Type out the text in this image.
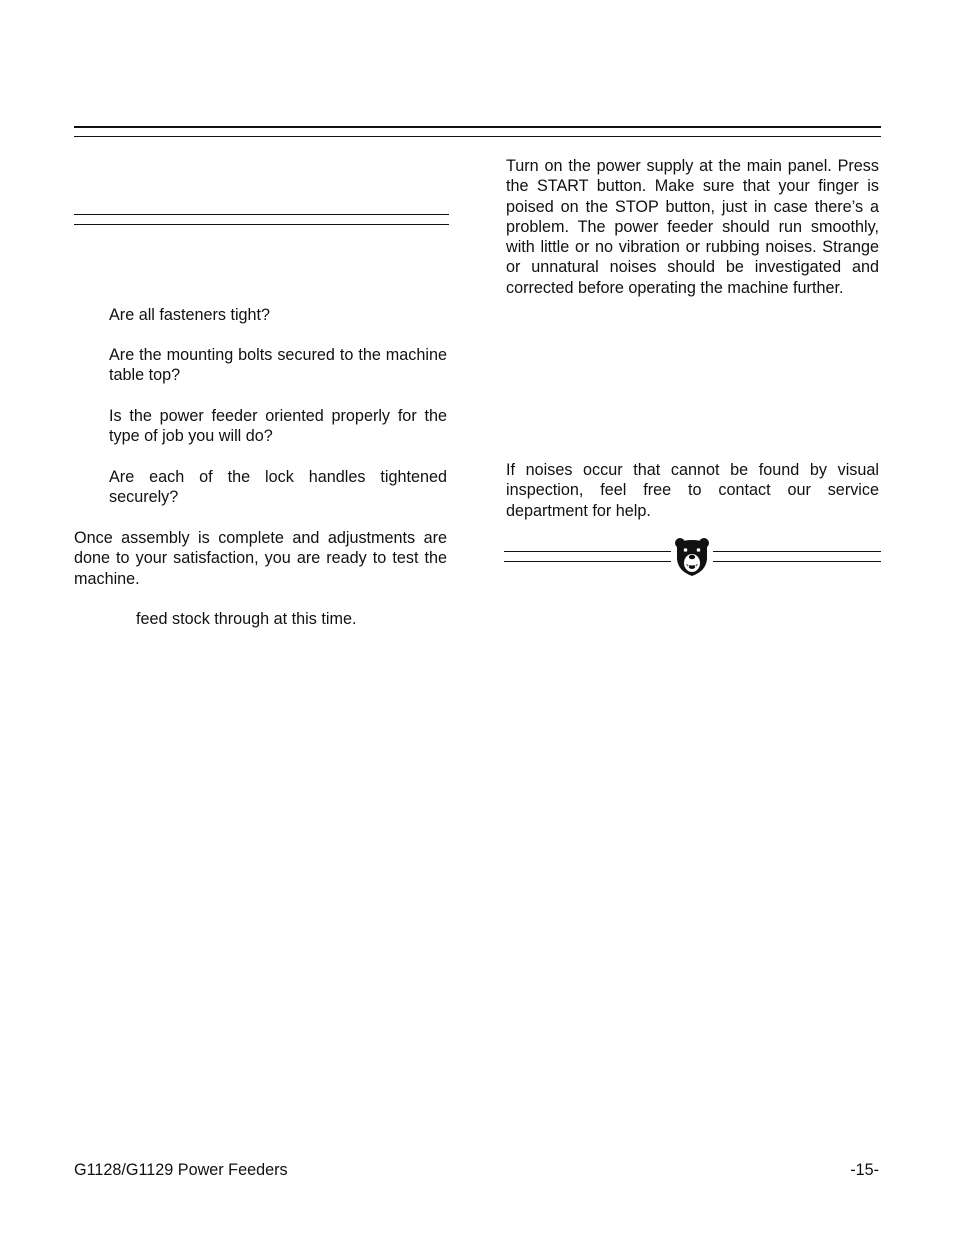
Are all fasteners tight?

Are the mounting bolts secured to the machine table top?

Is the power feeder oriented properly for the type of job you will do?

Are each of the lock handles tightened securely?

Once assembly is complete and adjustments are done to your satisfaction, you are ready to test the machine.

feed stock through at this time.

Turn on the power supply at the main panel. Press the START button. Make sure that your finger is poised on the STOP button, just in case there’s a problem. The power feeder should run smoothly, with little or no vibration or rubbing noises. Strange or unnatural noises should be investigated and corrected before operating the machine further.

If noises occur that cannot be found by visual inspection, feel free to contact our service department for help.

G1128/G1129 Power Feeders	-15-
